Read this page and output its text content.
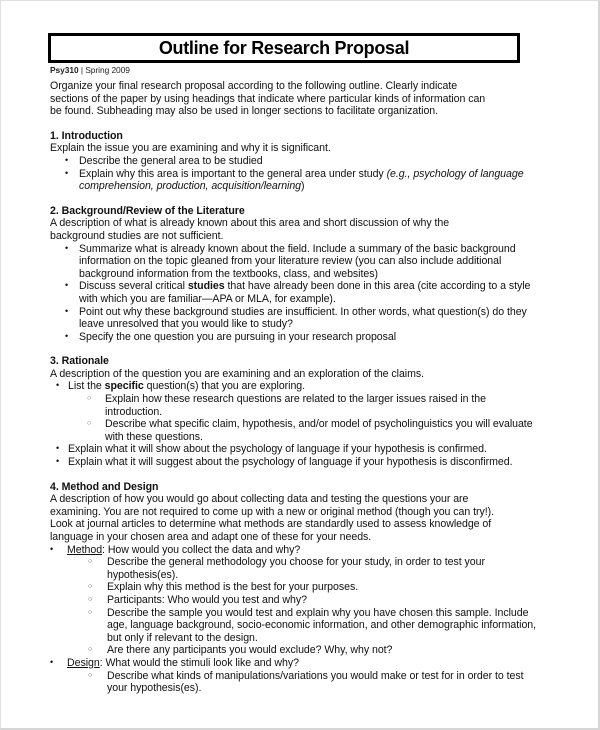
Outline for Research Proposal
Psy310 | Spring 2009

Organize your final research proposal according to the following outline. Clearly indicate
sections of the paper by using headings that indicate where particular kinds of information can
be found. Subheading may also be used in longer sections to facilitate organization.

1. Introduction

Explain the issue you are examining and why it is significant.

• Describe the general area to be studied
• Explain why this area is important to the general area under study (e.g., psychology of language comprehension, production, acquisition/learning)

2. Background/Review of the Literature

A description of what is already known about this area and short discussion of why the
background studies are not sufficient.

• Summarize what is already known about the field. Include a summary of the basic background information on the topic gleaned from your literature review (you can also include additional background information from the textbooks, class, and websites)
• Discuss several critical studies that have already been done in this area (cite according to a style with which you are familiar—APA or MLA, for example).
• Point out why these background studies are insufficient. In other words, what question(s) do they leave unresolved that you would like to study?
• Specify the one question you are pursuing in your research proposal

3. Rationale

A description of the question you are examining and an exploration of the claims.

• List the specific question(s) that you are exploring.
○ Explain how these research questions are related to the larger issues raised in the introduction.
○ Describe what specific claim, hypothesis, and/or model of psycholinguistics you will evaluate with these questions.
• Explain what it will show about the psychology of language if your hypothesis is confirmed.
• Explain what it will suggest about the psychology of language if your hypothesis is disconfirmed.

4. Method and Design

A description of how you would go about collecting data and testing the questions your are
examining. You are not required to come up with a new or original method (though you can try!).
Look at journal articles to determine what methods are standardly used to assess knowledge of
language in your chosen area and adapt one of these for your needs.

• Method: How would you collect the data and why?
○ Describe the general methodology you choose for your study, in order to test your hypothesis(es).
○ Explain why this method is the best for your purposes.
○ Participants: Who would you test and why?
○ Describe the sample you would test and explain why you have chosen this sample. Include age, language background, socio-economic information, and other demographic information, but only if relevant to the design.
○ Are there any participants you would exclude? Why, why not?
• Design: What would the stimuli look like and why?
○ Describe what kinds of manipulations/variations you would make or test for in order to test your hypothesis(es).
